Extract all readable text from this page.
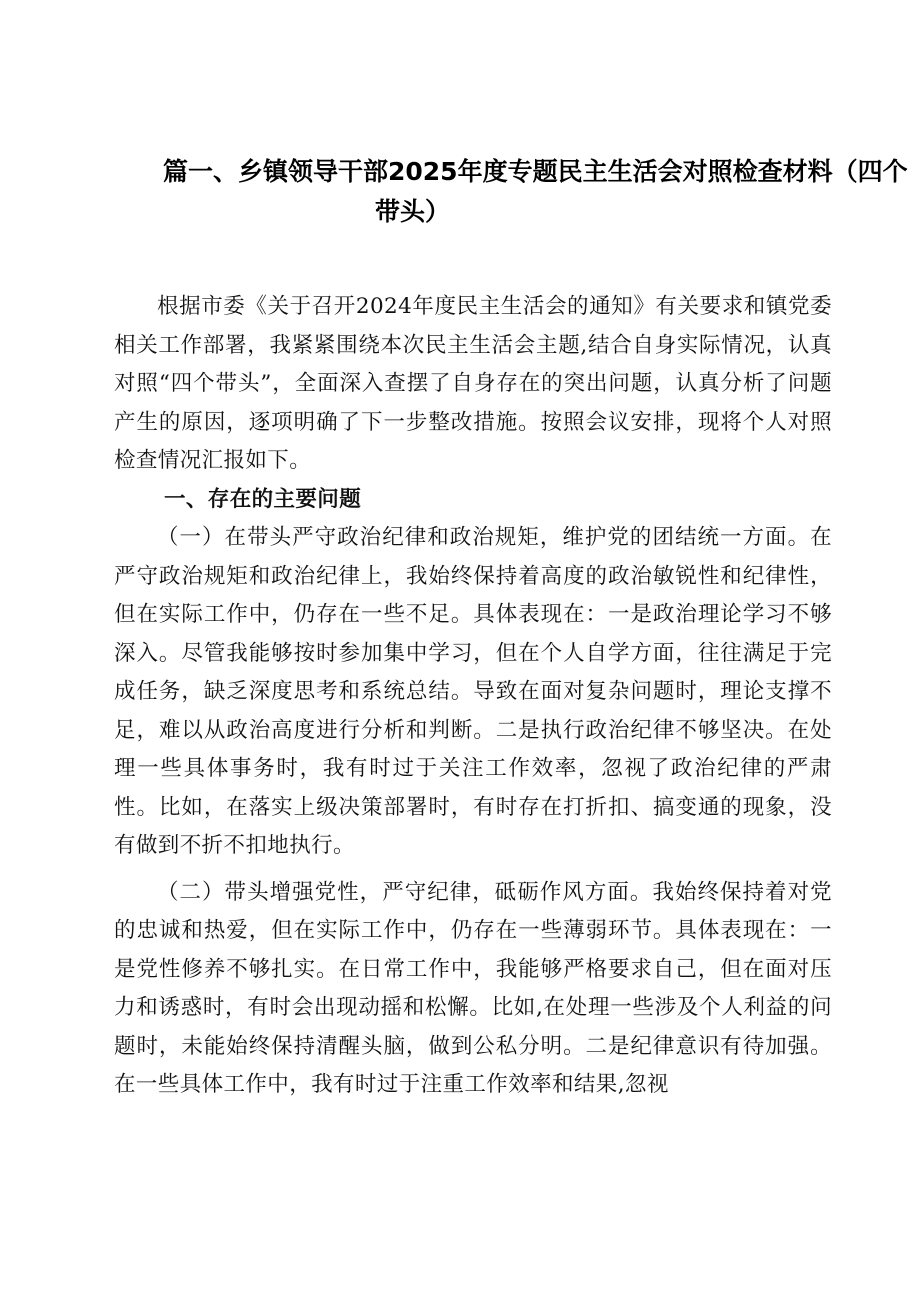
篇一、乡镇领导干部2025年度专题民主生活会对照检查材料（四个
带头）

根据市委《关于召开2024年度民主生活会的通知》有关要求和镇党委相关工作部署，我紧紧围绕本次民主生活会主题,结合自身实际情况，认真对照“四个带头”，全面深入查摆了自身存在的突出问题，认真分析了问题产生的原因，逐项明确了下一步整改措施。按照会议安排，现将个人对照检查情况汇报如下。

一、存在的主要问题

（一）在带头严守政治纪律和政治规矩，维护党的团结统一方面。在严守政治规矩和政治纪律上，我始终保持着高度的政治敏锐性和纪律性，但在实际工作中，仍存在一些不足。具体表现在：一是政治理论学习不够深入。尽管我能够按时参加集中学习，但在个人自学方面，往往满足于完成任务，缺乏深度思考和系统总结。导致在面对复杂问题时，理论支撑不足，难以从政治高度进行分析和判断。二是执行政治纪律不够坚决。在处理一些具体事务时，我有时过于关注工作效率，忽视了政治纪律的严肃性。比如，在落实上级决策部署时，有时存在打折扣、搞变通的现象，没有做到不折不扣地执行。

（二）带头增强党性，严守纪律，砥砺作风方面。我始终保持着对党的忠诚和热爱，但在实际工作中，仍存在一些薄弱环节。具体表现在：一是党性修养不够扎实。在日常工作中，我能够严格要求自己，但在面对压力和诱惑时，有时会出现动摇和松懈。比如,在处理一些涉及个人利益的问题时，未能始终保持清醒头脑，做到公私分明。二是纪律意识有待加强。在一些具体工作中，我有时过于注重工作效率和结果,忽视
